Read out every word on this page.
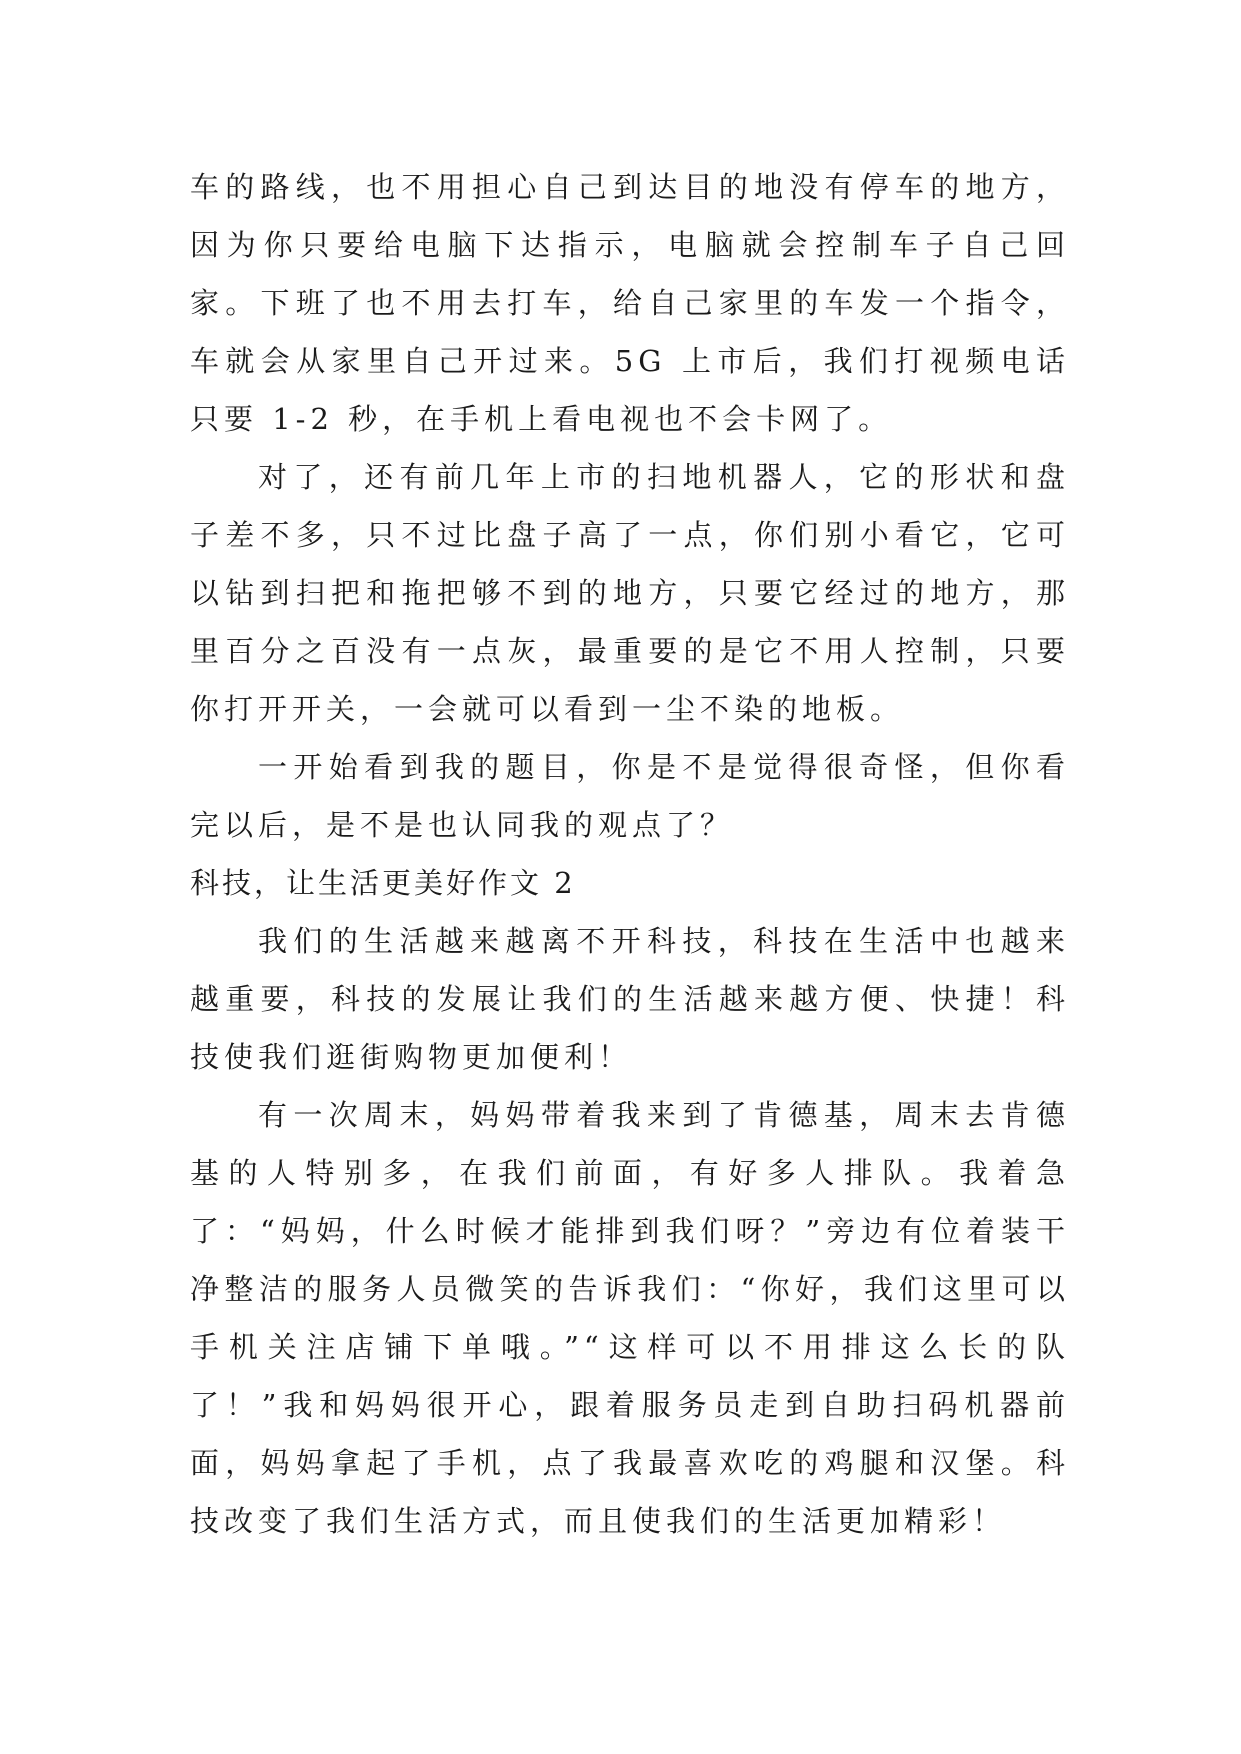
车的路线，也不用担心自己到达目的地没有停车的地方，因为你只要给电脑下达指示，电脑就会控制车子自己回家。下班了也不用去打车，给自己家里的车发一个指令，车就会从家里自己开过来。5G 上市后，我们打视频电话只要 1-2 秒，在手机上看电视也不会卡网了。

对了，还有前几年上市的扫地机器人，它的形状和盘子差不多，只不过比盘子高了一点，你们别小看它，它可以钻到扫把和拖把够不到的地方，只要它经过的地方，那里百分之百没有一点灰，最重要的是它不用人控制，只要你打开开关，一会就可以看到一尘不染的地板。

一开始看到我的题目，你是不是觉得很奇怪，但你看完以后，是不是也认同我的观点了？

科技，让生活更美好作文 2

我们的生活越来越离不开科技，科技在生活中也越来越重要，科技的发展让我们的生活越来越方便、快捷！科技使我们逛街购物更加便利！

有一次周末，妈妈带着我来到了肯德基，周末去肯德基的人特别多，在我们前面，有好多人排队。我着急了：“妈妈，什么时候才能排到我们呀？”旁边有位着装干净整洁的服务人员微笑的告诉我们：“你好，我们这里可以手机关注店铺下单哦。”“这样可以不用排这么长的队了！”我和妈妈很开心，跟着服务员走到自助扫码机器前面，妈妈拿起了手机，点了我最喜欢吃的鸡腿和汉堡。科技改变了我们生活方式，而且使我们的生活更加精彩！
